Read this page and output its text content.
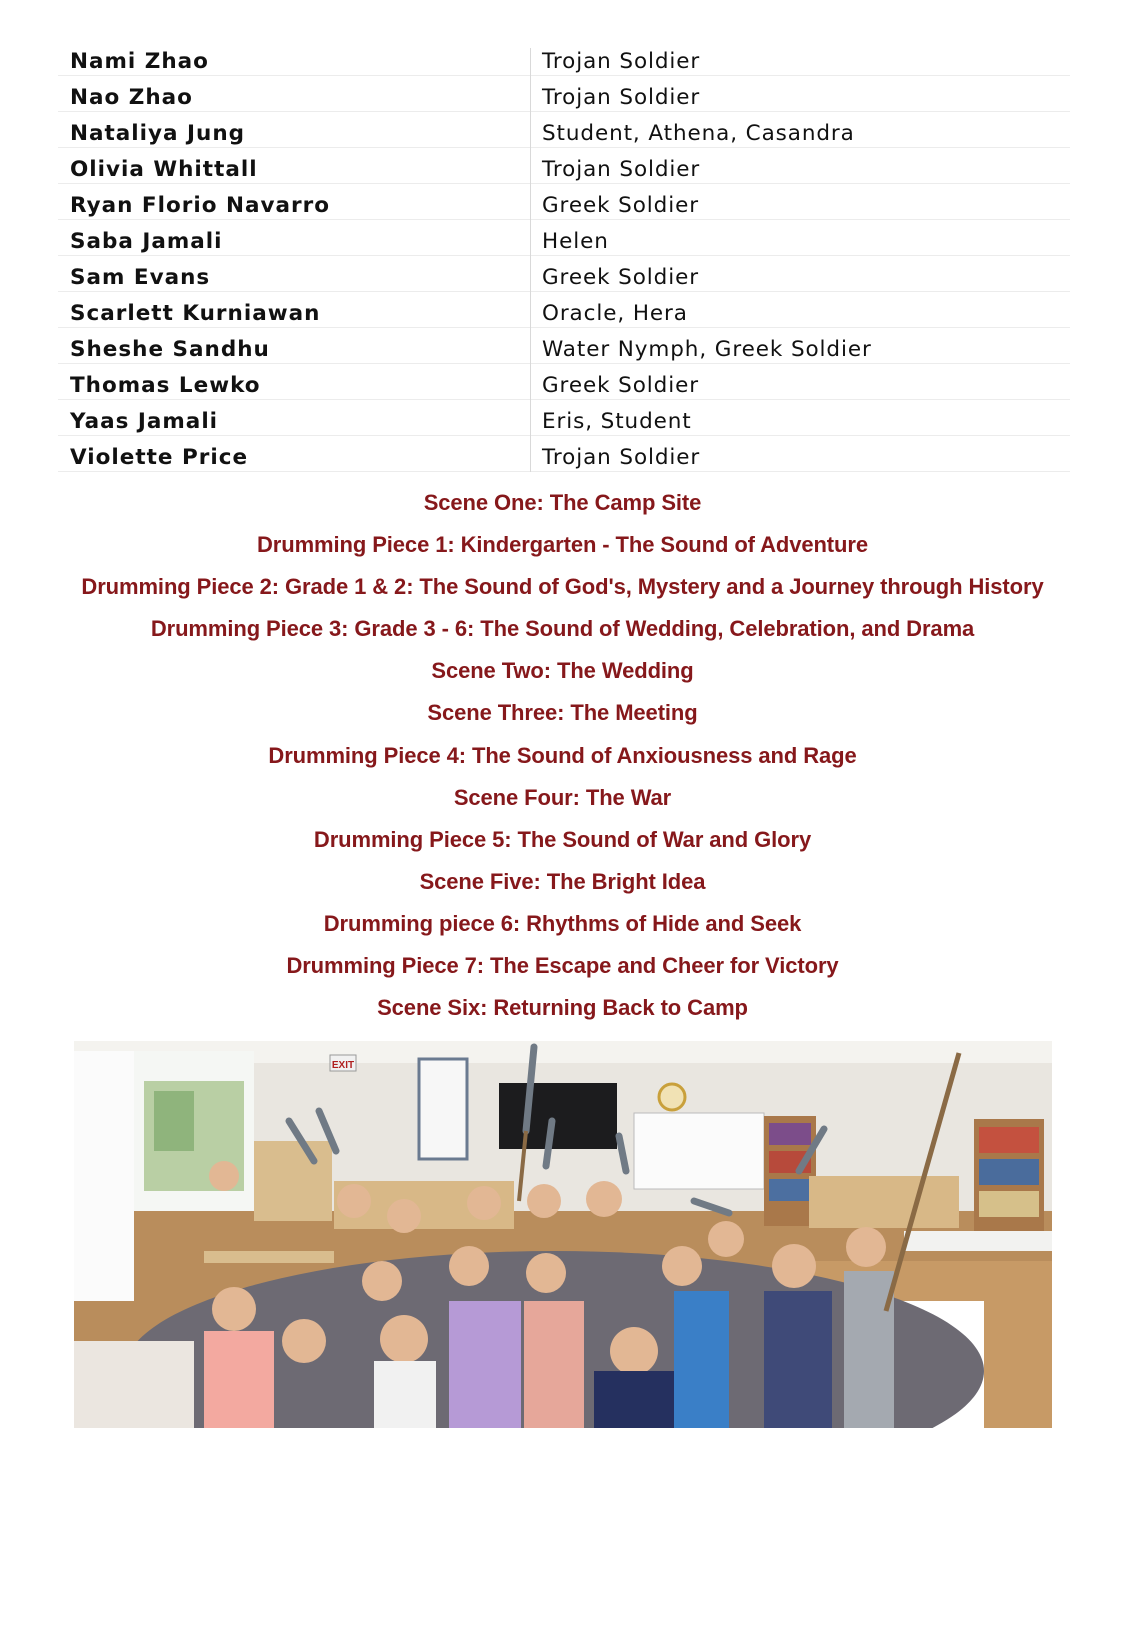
Nami Zhao	Trojan Soldier
Nao Zhao	Trojan Soldier
Nataliya Jung	Student, Athena, Casandra
Olivia Whittall	Trojan Soldier
Ryan Florio Navarro	Greek Soldier
Saba Jamali	Helen
Sam Evans	Greek Soldier
Scarlett Kurniawan	Oracle, Hera
Sheshe Sandhu	Water Nymph, Greek Soldier
Thomas Lewko	Greek Soldier
Yaas Jamali	Eris, Student
Violette Price	Trojan Soldier
Scene One: The Camp Site
Drumming Piece 1: Kindergarten - The Sound of Adventure
Drumming Piece 2: Grade 1 & 2: The Sound of God's, Mystery and a Journey through History
Drumming Piece 3: Grade 3 - 6: The Sound of Wedding, Celebration, and Drama
Scene Two: The Wedding
Scene Three: The Meeting
Drumming Piece 4: The Sound of Anxiousness and Rage
Scene Four: The War
Drumming Piece 5: The Sound of War and Glory
Scene Five: The Bright Idea
Drumming piece 6: Rhythms of Hide and Seek
Drumming Piece 7: The Escape and Cheer for Victory
Scene Six: Returning Back to Camp
EXIT
